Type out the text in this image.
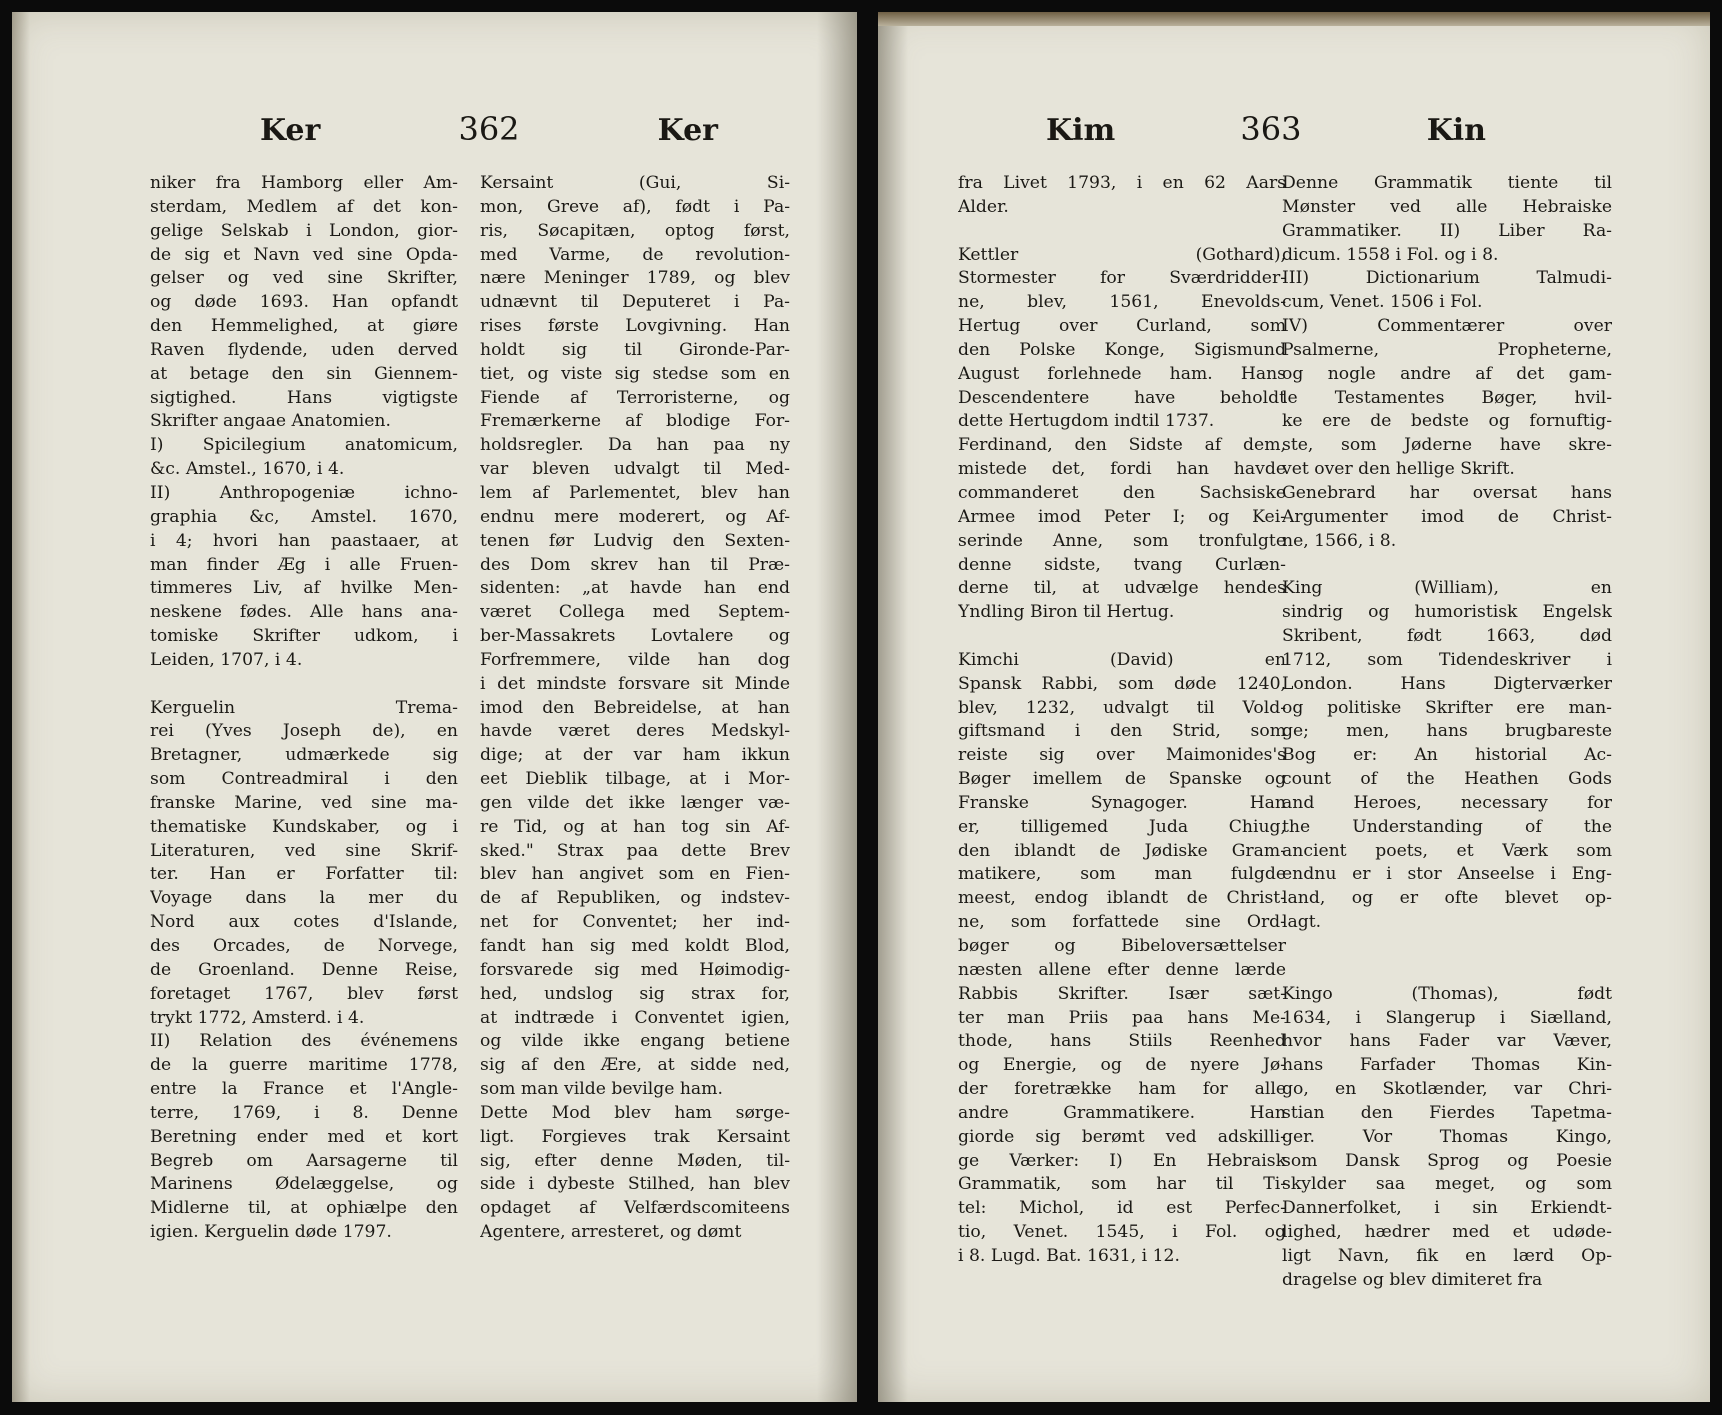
Ker	362	Ker
niker fra Hamborg eller Am-
sterdam, Medlem af det kon-
gelige Selskab i London, gior-
de sig et Navn ved sine Opda-
gelser og ved sine Skrifter,
og døde 1693. Han opfandt
den Hemmelighed, at giøre
Raven flydende, uden derved
at betage den sin Giennem-
sigtighed. Hans vigtigste
Skrifter angaae Anatomien.
I) Spicilegium anatomicum,
&c. Amstel., 1670, i 4.
II) Anthropogeniæ ichno-
graphia &c, Amstel. 1670,
i 4; hvori han paastaaer, at
man finder Æg i alle Fruen-
timmeres Liv, af hvilke Men-
neskene fødes. Alle hans ana-
tomiske Skrifter udkom, i
Leiden, 1707, i 4.
Kerguelin Trema-
rei (Yves Joseph de), en
Bretagner, udmærkede sig
som Contreadmiral i den
franske Marine, ved sine ma-
thematiske Kundskaber, og i
Literaturen, ved sine Skrif-
ter. Han er Forfatter til:
Voyage dans la mer du
Nord aux cotes d'Islande,
des Orcades, de Norvege,
de Groenland. Denne Reise,
foretaget 1767, blev først
trykt 1772, Amsterd. i 4.
II) Relation des événemens
de la guerre maritime 1778,
entre la France et l'Angle-
terre, 1769, i 8. Denne
Beretning ender med et kort
Begreb om Aarsagerne til
Marinens Ødelæggelse, og
Midlerne til, at ophiælpe den
igien. Kerguelin døde 1797.
Kersaint (Gui, Si-
mon, Greve af), født i Pa-
ris, Søcapitæn, optog først,
med Varme, de revolution-
nære Meninger 1789, og blev
udnævnt til Deputeret i Pa-
rises første Lovgivning. Han
holdt sig til Gironde-Par-
tiet, og viste sig stedse som en
Fiende af Terroristerne, og
Fremærkerne af blodige For-
holdsregler. Da han paa ny
var bleven udvalgt til Med-
lem af Parlementet, blev han
endnu mere moderert, og Af-
tenen før Ludvig den Sexten-
des Dom skrev han til Præ-
sidenten: „at havde han end
været Collega med Septem-
ber-Massakrets Lovtalere og
Forfremmere, vilde han dog
i det mindste forsvare sit Minde
imod den Bebreidelse, at han
havde været deres Medskyl-
dige; at der var ham ikkun
eet Dieblik tilbage, at i Mor-
gen vilde det ikke længer væ-
re Tid, og at han tog sin Af-
sked." Strax paa dette Brev
blev han angivet som en Fien-
de af Republiken, og indstev-
net for Conventet; her ind-
fandt han sig med koldt Blod,
forsvarede sig med Høimodig-
hed, undslog sig strax for,
at indtræde i Conventet igien,
og vilde ikke engang betiene
sig af den Ære, at sidde ned,
som man vilde bevilge ham.
Dette Mod blev ham sørge-
ligt. Forgieves trak Kersaint
sig, efter denne Møden, til-
side i dybeste Stilhed, han blev
opdaget af Velfærdscomiteens
Agentere, arresteret, og dømt
Kim	363	Kin
fra Livet 1793, i en 62 Aars
Alder.
Kettler (Gothard),
Stormester for Sværdridder-
ne, blev, 1561, Enevolds-
Hertug over Curland, som
den Polske Konge, Sigismund
August forlehnede ham. Hans
Descendentere have beholdt
dette Hertugdom indtil 1737.
Ferdinand, den Sidste af dem,
mistede det, fordi han havde
commanderet den Sachsiske
Armee imod Peter I; og Kei-
serinde Anne, som tronfulgte
denne sidste, tvang Curlæn-
derne til, at udvælge hendes
Yndling Biron til Hertug.
Kimchi (David) en
Spansk Rabbi, som døde 1240,
blev, 1232, udvalgt til Vold-
giftsmand i den Strid, som
reiste sig over Maimonides's
Bøger imellem de Spanske og
Franske Synagoger. Han
er, tilligemed Juda Chiug,
den iblandt de Jødiske Gram-
matikere, som man fulgde
meest, endog iblandt de Christ-
ne, som forfattede sine Ord-
bøger og Bibeloversættelser
næsten allene efter denne lærde
Rabbis Skrifter. Især sæt-
ter man Priis paa hans Me-
thode, hans Stiils Reenhed
og Energie, og de nyere Jø-
der foretrække ham for alle
andre Grammatikere. Han
giorde sig berømt ved adskilli-
ge Værker: I) En Hebraisk
Grammatik, som har til Ti-
tel: Michol, id est Perfec-
tio, Venet. 1545, i Fol. og
i 8. Lugd. Bat. 1631, i 12.
Denne Grammatik tiente til
Mønster ved alle Hebraiske
Grammatiker. II) Liber Ra-
dicum. 1558 i Fol. og i 8.
III) Dictionarium Talmudi-
cum, Venet. 1506 i Fol.
IV) Commentærer over
Psalmerne, Propheterne,
og nogle andre af det gam-
le Testamentes Bøger, hvil-
ke ere de bedste og fornuftig-
ste, som Jøderne have skre-
vet over den hellige Skrift.
Genebrard har oversat hans
Argumenter imod de Christ-
ne, 1566, i 8.
King (William), en
sindrig og humoristisk Engelsk
Skribent, født 1663, død
1712, som Tidendeskriver i
London. Hans Digterværker
og politiske Skrifter ere man-
ge; men, hans brugbareste
Bog er: An historial Ac-
count of the Heathen Gods
and Heroes, necessary for
the Understanding of the
ancient poets, et Værk som
endnu er i stor Anseelse i Eng-
land, og er ofte blevet op-
lagt.
Kingo (Thomas), født
1634, i Slangerup i Siælland,
hvor hans Fader var Væver,
hans Farfader Thomas Kin-
go, en Skotlænder, var Chri-
stian den Fierdes Tapetma-
ger. Vor Thomas Kingo,
som Dansk Sprog og Poesie
skylder saa meget, og som
Dannerfolket, i sin Erkiendt-
lighed, hædrer med et udøde-
ligt Navn, fik en lærd Op-
dragelse og blev dimiteret fra
